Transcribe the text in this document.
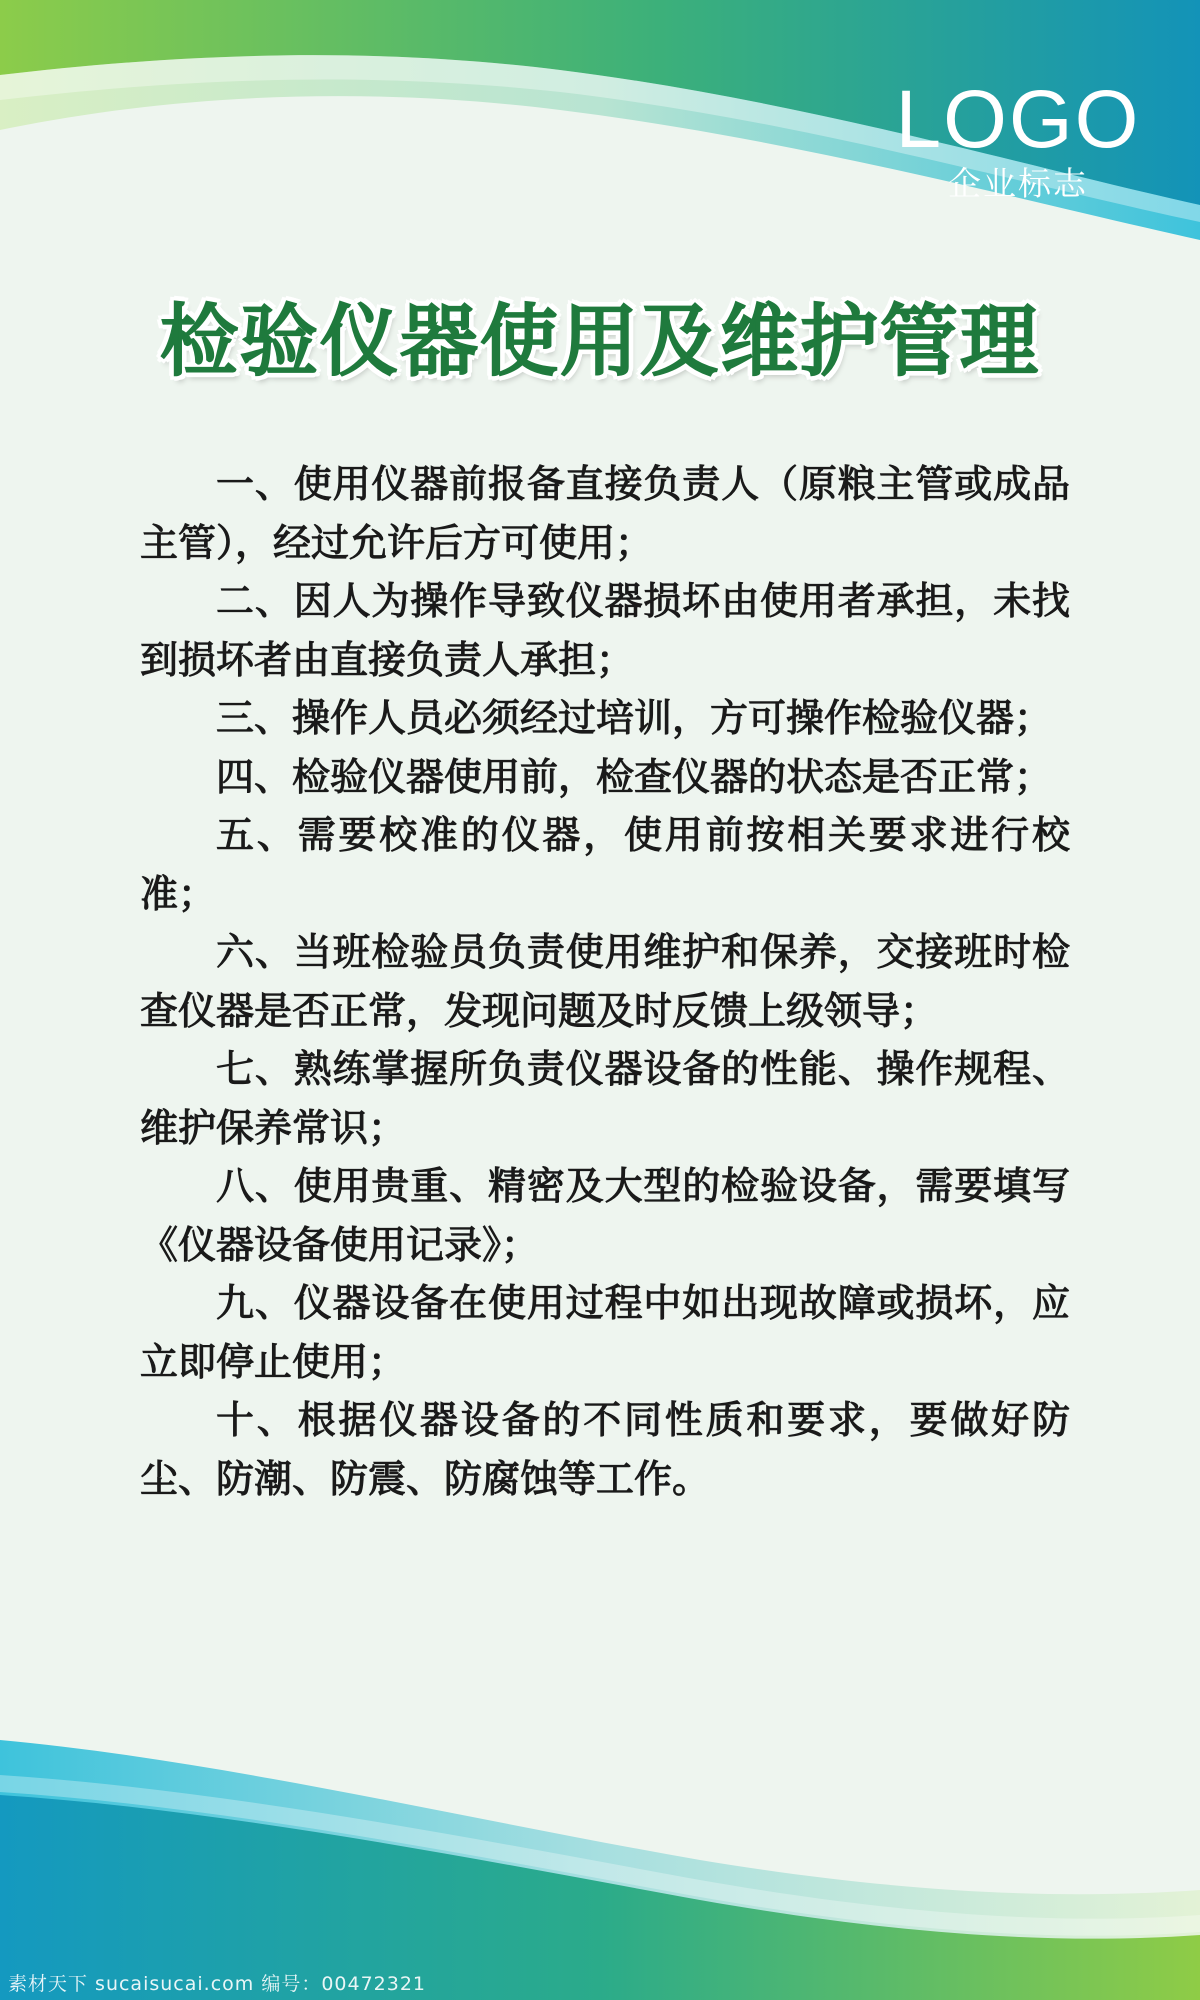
LOGO
企业标志
检验仪器使用及维护管理

一、使用仪器前报备直接负责人（原粮主管或成品主管），经过允许后方可使用；

二、因人为操作导致仪器损坏由使用者承担，未找到损坏者由直接负责人承担；

三、操作人员必须经过培训，方可操作检验仪器；

四、检验仪器使用前，检查仪器的状态是否正常；

五、需要校准的仪器，使用前按相关要求进行校准；

六、当班检验员负责使用维护和保养，交接班时检查仪器是否正常，发现问题及时反馈上级领导；

七、熟练掌握所负责仪器设备的性能、操作规程、维护保养常识；

八、使用贵重、精密及大型的检验设备，需要填写《仪器设备使用记录》；

九、仪器设备在使用过程中如出现故障或损坏，应立即停止使用；

十、根据仪器设备的不同性质和要求，要做好防尘、防潮、防震、防腐蚀等工作。

素材天下 sucaisucai.com 编号：00472321
